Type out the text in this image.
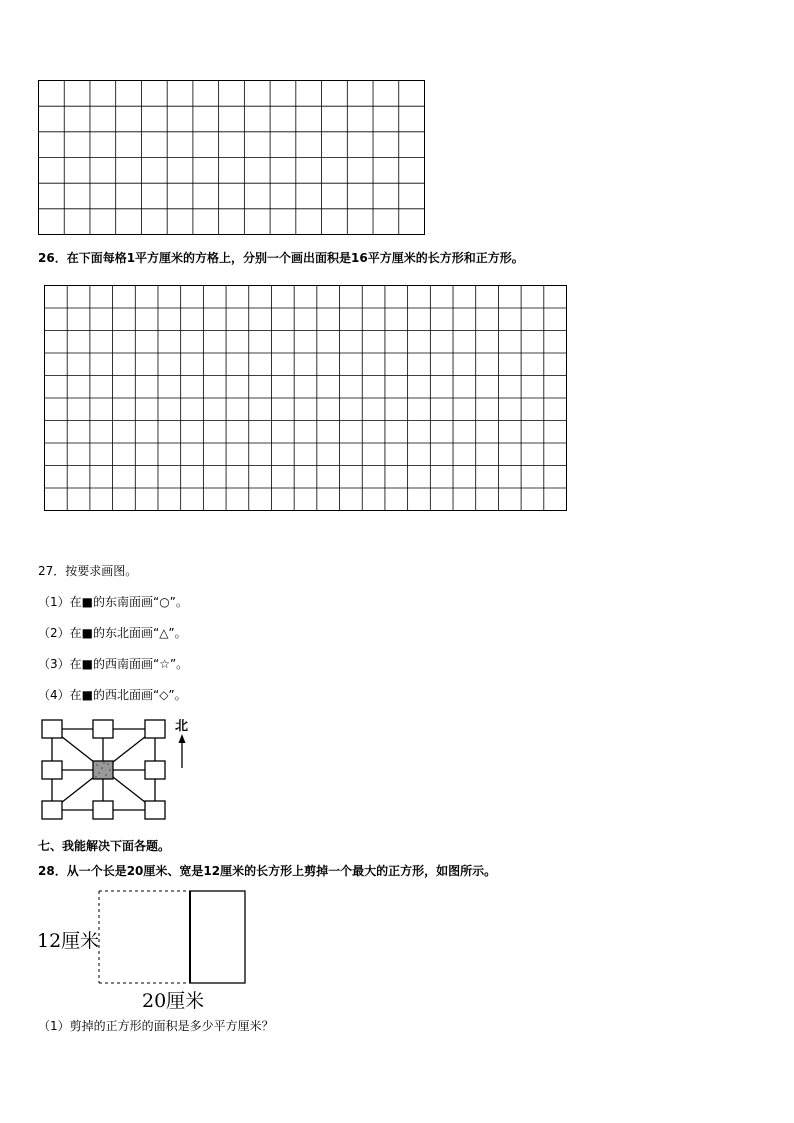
26．在下面每格1平方厘米的方格上，分别一个画出面积是16平方厘米的长方形和正方形。
27．按要求画图。
（1）在■的东南面画“○”。
（2）在■的东北面画“△”。
（3）在■的西南面画“☆”。
（4）在■的西北面画“◇”。
北
七、我能解决下面各题。
28．从一个长是20厘米、宽是12厘米的长方形上剪掉一个最大的正方形，如图所示。
12厘米
20厘米
（1）剪掉的正方形的面积是多少平方厘米？
